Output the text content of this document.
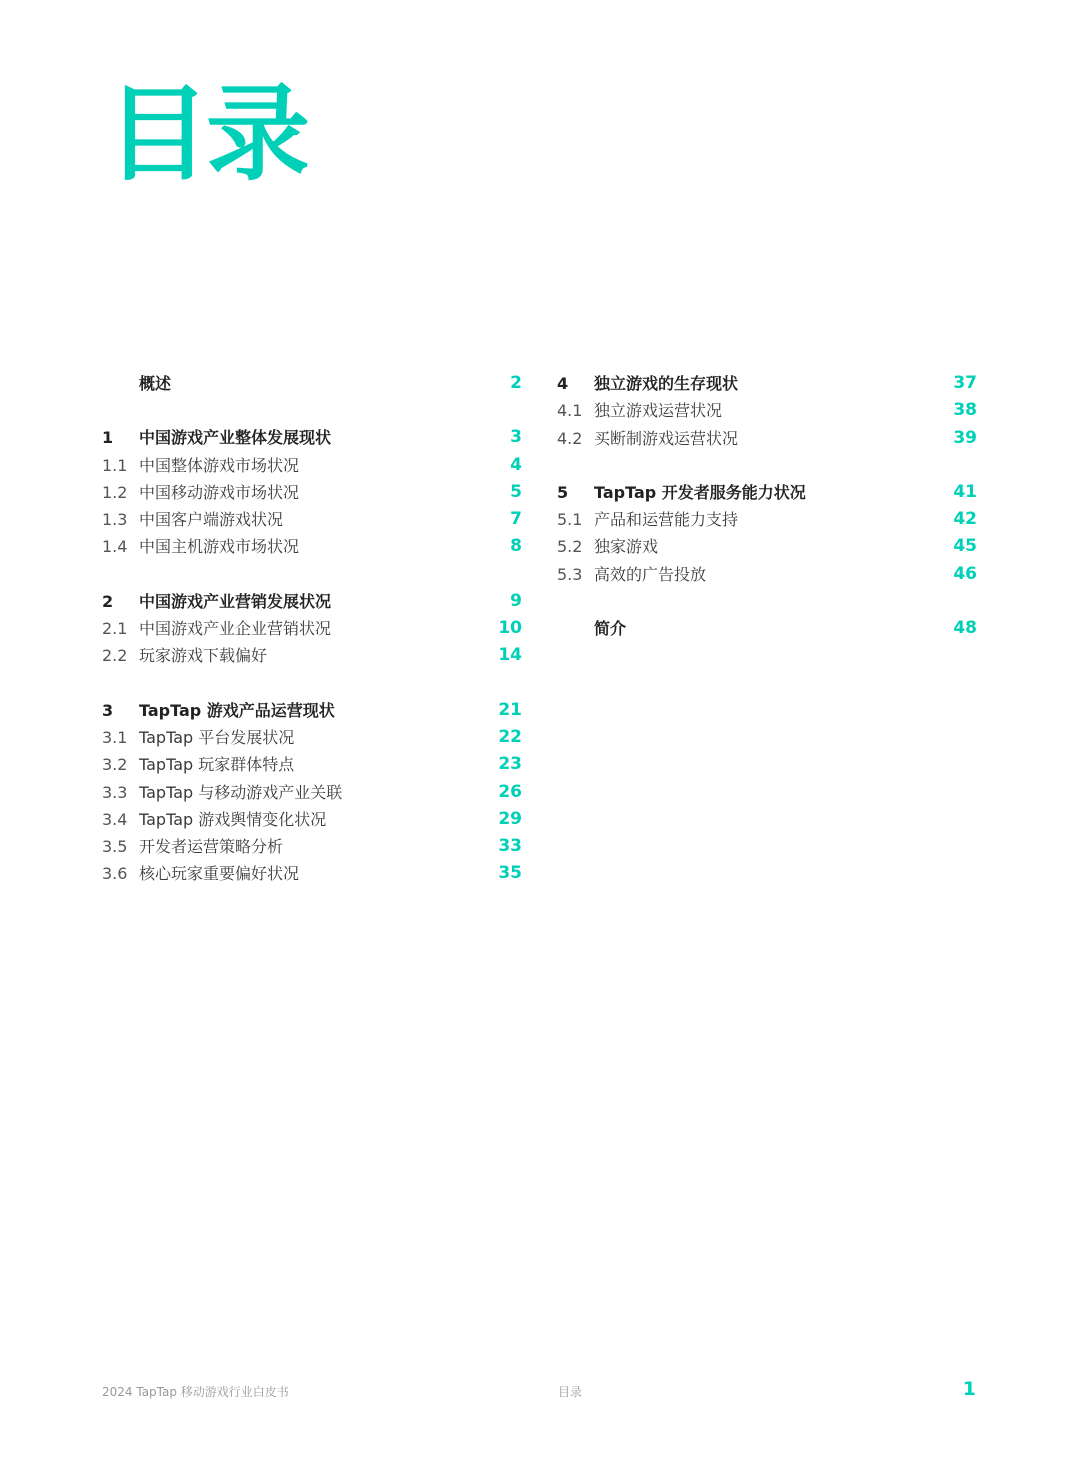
目录
概述	2
1 中国游戏产业整体发展现状	3
1.1 中国整体游戏市场状况	4
1.2 中国移动游戏市场状况	5
1.3 中国客户端游戏状况	7
1.4 中国主机游戏市场状况	8
2 中国游戏产业营销发展状况	9
2.1 中国游戏产业企业营销状况	10
2.2 玩家游戏下载偏好	14
3 TapTap 游戏产品运营现状	21
3.1 TapTap 平台发展状况	22
3.2 TapTap 玩家群体特点	23
3.3 TapTap 与移动游戏产业关联	26
3.4 TapTap 游戏舆情变化状况	29
3.5 开发者运营策略分析	33
3.6 核心玩家重要偏好状况	35
4 独立游戏的生存现状	37
4.1 独立游戏运营状况	38
4.2 买断制游戏运营状况	39
5 TapTap 开发者服务能力状况	41
5.1 产品和运营能力支持	42
5.2 独家游戏	45
5.3 高效的广告投放	46
简介	48
2024 TapTap 移动游戏行业白皮书	目录	1
